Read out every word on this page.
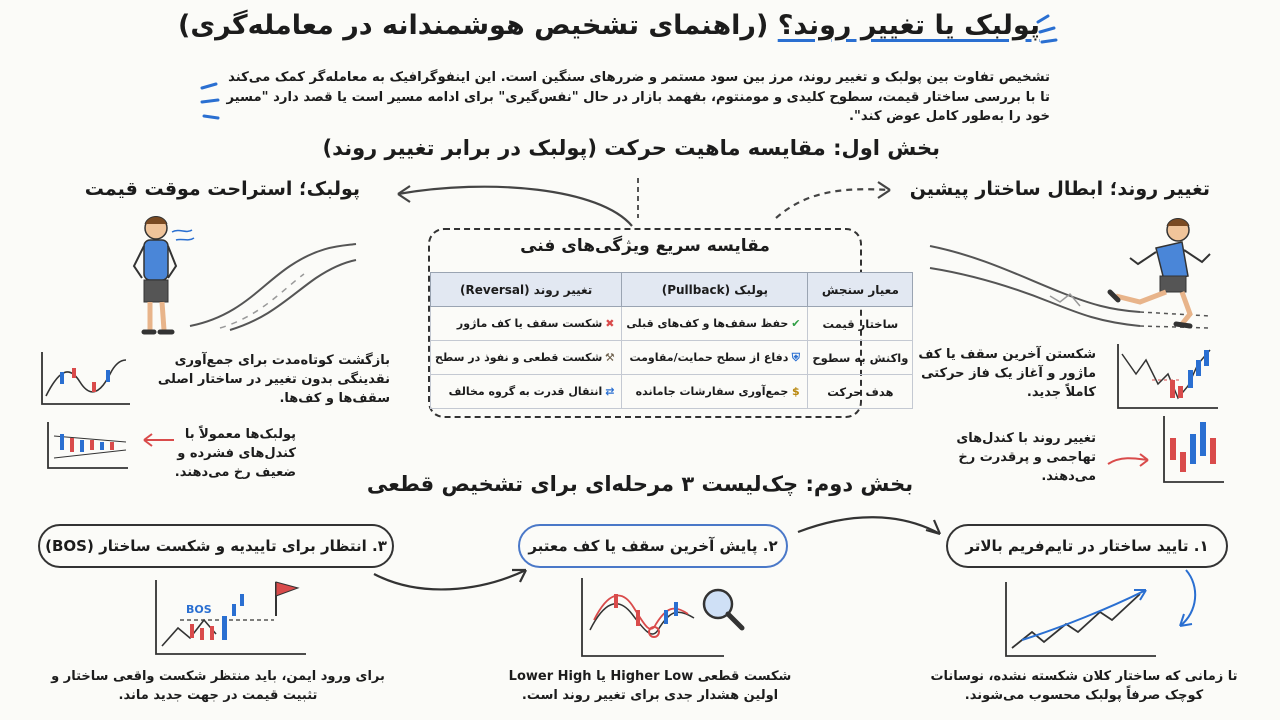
پولبک یا تغییر روند؟ (راهنمای تشخیص هوشمندانه در معامله‌گری)
تشخیص تفاوت بین پولبک و تغییر روند، مرز بین سود مستمر و ضررهای سنگین است. این اینفوگرافیک به معامله‌گر کمک می‌کند تا با بررسی ساختار قیمت، سطوح کلیدی و مومنتوم، بفهمد بازار در حال "نفس‌گیری" برای ادامه مسیر است یا قصد دارد "مسیر خود را به‌طور کامل عوض کند".
بخش اول: مقایسه ماهیت حرکت (پولبک در برابر تغییر روند)
پولبک؛ استراحت موقت قیمت	تغییر روند؛ ابطال ساختار پیشین
مقایسه سریع ویژگی‌های فنی
معیار سنجش	پولبک (Pullback)	تغییر روند (Reversal)
ساختار قیمت	✔حفظ سقف‌ها و کف‌های قبلی	✖شکست سقف یا کف ماژور
واکنش به سطوح	⛨دفاع از سطح حمایت/مقاومت	⚒شکست قطعی و نفوذ در سطح
هدف حرکت	$جمع‌آوری سفارشات جامانده	⇄انتقال قدرت به گروه مخالف
بازگشت کوتاه‌مدت برای جمع‌آوری نقدینگی بدون تغییر در ساختار اصلی سقف‌ها و کف‌ها.
پولبک‌ها معمولاً با کندل‌های فشرده و ضعیف رخ می‌دهند.
شکستن آخرین سقف یا کف ماژور و آغاز یک فاز حرکتی کاملاً جدید.
تغییر روند با کندل‌های تهاجمی و پرقدرت رخ می‌دهند.
بخش دوم: چک‌لیست ۳ مرحله‌ای برای تشخیص قطعی
۱. تایید ساختار در تایم‌فریم بالاتر
۲. پایش آخرین سقف یا کف معتبر
۳. انتظار برای تاییدیه و شکست ساختار (BOS)
تا زمانی که ساختار کلان شکسته نشده، نوسانات کوچک صرفاً پولبک محسوب می‌شوند.
شکست قطعی Higher Low یا Lower High اولین هشدار جدی برای تغییر روند است.
BOS
برای ورود ایمن، باید منتظر شکست واقعی ساختار و تثبیت قیمت در جهت جدید ماند.
